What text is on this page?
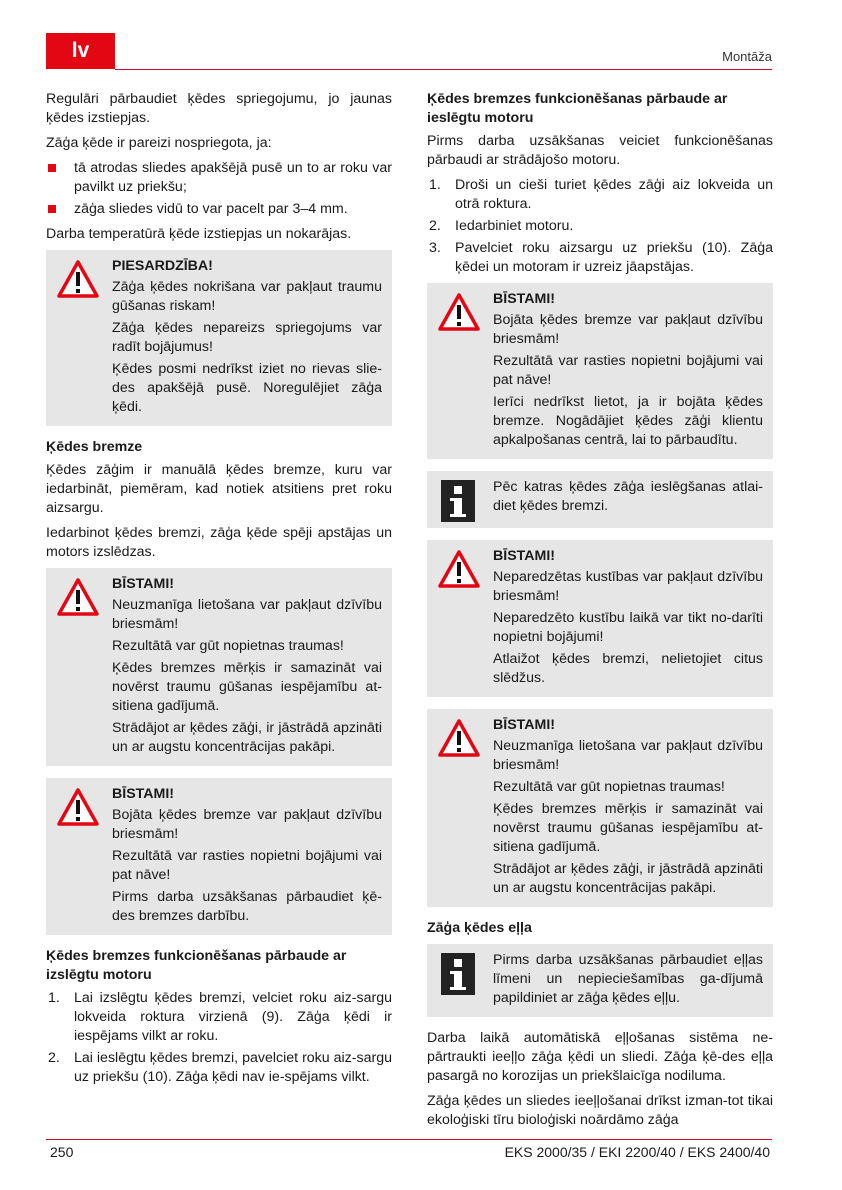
lv	Montāža

Regulāri pārbaudiet ķēdes spriegojumu, jo jaunas ķēdes izstiepjas.

Zāģa ķēde ir pareizi nospriegota, ja:

tā atrodas sliedes apakšējā pusē un to ar roku var pavilkt uz priekšu;
zāģa sliedes vidū to var pacelt par 3–4 mm.

Darba temperatūrā ķēde izstiepjas un nokarājas.

PIESARDZĪBA!

Zāģa ķēdes nokrišana var pakļaut traumu gūšanas riskam!

Zāģa ķēdes nepareizs spriegojums var radīt bojājumus!

Ķēdes posmi nedrīkst iziet no rievas slie-des apakšējā pusē. Noregulējiet zāģa ķēdi.

Ķēdes bremze

Ķēdes zāģim ir manuālā ķēdes bremze, kuru var iedarbināt, piemēram, kad notiek atsitiens pret roku aizsargu.

Iedarbinot ķēdes bremzi, zāģa ķēde spēji apstājas un motors izslēdzas.

BĪSTAMI!

Neuzmanīga lietošana var pakļaut dzīvību briesmām!

Rezultātā var gūt nopietnas traumas!

Ķēdes bremzes mērķis ir samazināt vai novērst traumu gūšanas iespējamību at-sitiena gadījumā.

Strādājot ar ķēdes zāģi, ir jāstrādā apzināti un ar augstu koncentrācijas pakāpi.

BĪSTAMI!

Bojāta ķēdes bremze var pakļaut dzīvību briesmām!

Rezultātā var rasties nopietni bojājumi vai pat nāve!

Pirms darba uzsākšanas pārbaudiet ķē-des bremzes darbību.

Ķēdes bremzes funkcionēšanas pārbaude ar izslēgtu motoru
1. Lai izslēgtu ķēdes bremzi, velciet roku aiz-sargu lokveida roktura virzienā (9). Zāģa ķēdi ir iespējams vilkt ar roku.
2. Lai ieslēgtu ķēdes bremzi, pavelciet roku aiz-sargu uz priekšu (10). Zāģa ķēdi nav ie-spējams vilkt.
Ķēdes bremzes funkcionēšanas pārbaude ar ieslēgtu motoru

Pirms darba uzsākšanas veiciet funkcionēšanas pārbaudi ar strādājošo motoru.

1. Droši un cieši turiet ķēdes zāģi aiz lokveida un otrā roktura.
2. Iedarbiniet motoru.
3. Pavelciet roku aizsargu uz priekšu (10). Zāģa ķēdei un motoram ir uzreiz jāapstājas.
BĪSTAMI!

Bojāta ķēdes bremze var pakļaut dzīvību briesmām!

Rezultātā var rasties nopietni bojājumi vai pat nāve!

Ierīci nedrīkst lietot, ja ir bojāta ķēdes bremze. Nogādājiet ķēdes zāģi klientu apkalpošanas centrā, lai to pārbaudītu.

Pēc katras ķēdes zāģa ieslēgšanas atlai-diet ķēdes bremzi.

BĪSTAMI!

Neparedzētas kustības var pakļaut dzīvību briesmām!

Neparedzēto kustību laikā var tikt no-darīti nopietni bojājumi!

Atlaižot ķēdes bremzi, nelietojiet citus slēdžus.

BĪSTAMI!

Neuzmanīga lietošana var pakļaut dzīvību briesmām!

Rezultātā var gūt nopietnas traumas!

Ķēdes bremzes mērķis ir samazināt vai novērst traumu gūšanas iespējamību at-sitiena gadījumā.

Strādājot ar ķēdes zāģi, ir jāstrādā apzināti un ar augstu koncentrācijas pakāpi.

Zāģa ķēdes eļļa

Pirms darba uzsākšanas pārbaudiet eļļas līmeni un nepieciešamības ga-dījumā papildiniet ar zāģa ķēdes eļļu.

Darba laikā automātiskā eļļošanas sistēma ne-pārtraukti ieeļļo zāģa ķēdi un sliedi. Zāģa ķē-des eļļa pasargā no korozijas un priekšlaicīga nodiluma.

Zāģa ķēdes un sliedes ieeļļošanai drīkst izman-tot tikai ekoloģiski tīru bioloģiski noārdāmo zāģa

250	EKS 2000/35 / EKI 2200/40 / EKS 2400/40
